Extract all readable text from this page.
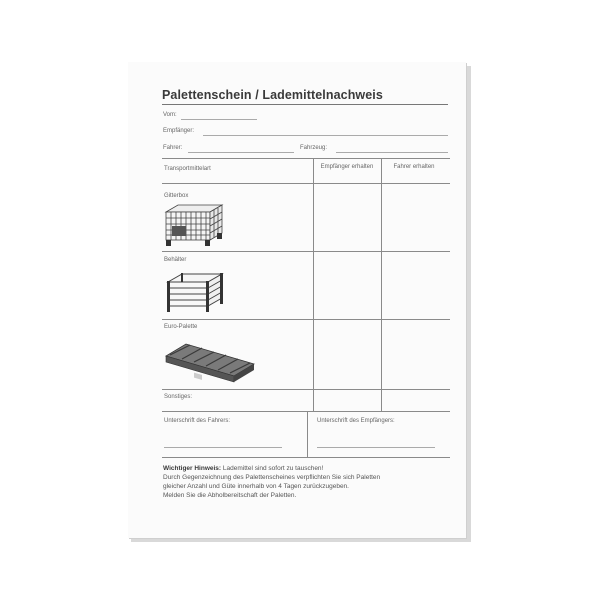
Palettenschein / Lademittelnachweis
Vom:
Empfänger:
Fahrer:	Fahrzeug:
Transportmittelart	Empfänger erhalten	Fahrer erhalten
Gitterbox
Behälter
Euro-Palette
Sonstiges:
Unterschrift des Fahrers:	Unterschrift des Empfängers:
Wichtiger Hinweis: Lademittel sind sofort zu tauschen!
Durch Gegenzeichnung des Palettenscheines verpflichten Sie sich Paletten
gleicher Anzahl und Güte innerhalb von 4 Tagen zurückzugeben.
Melden Sie die Abholbereitschaft der Paletten.
